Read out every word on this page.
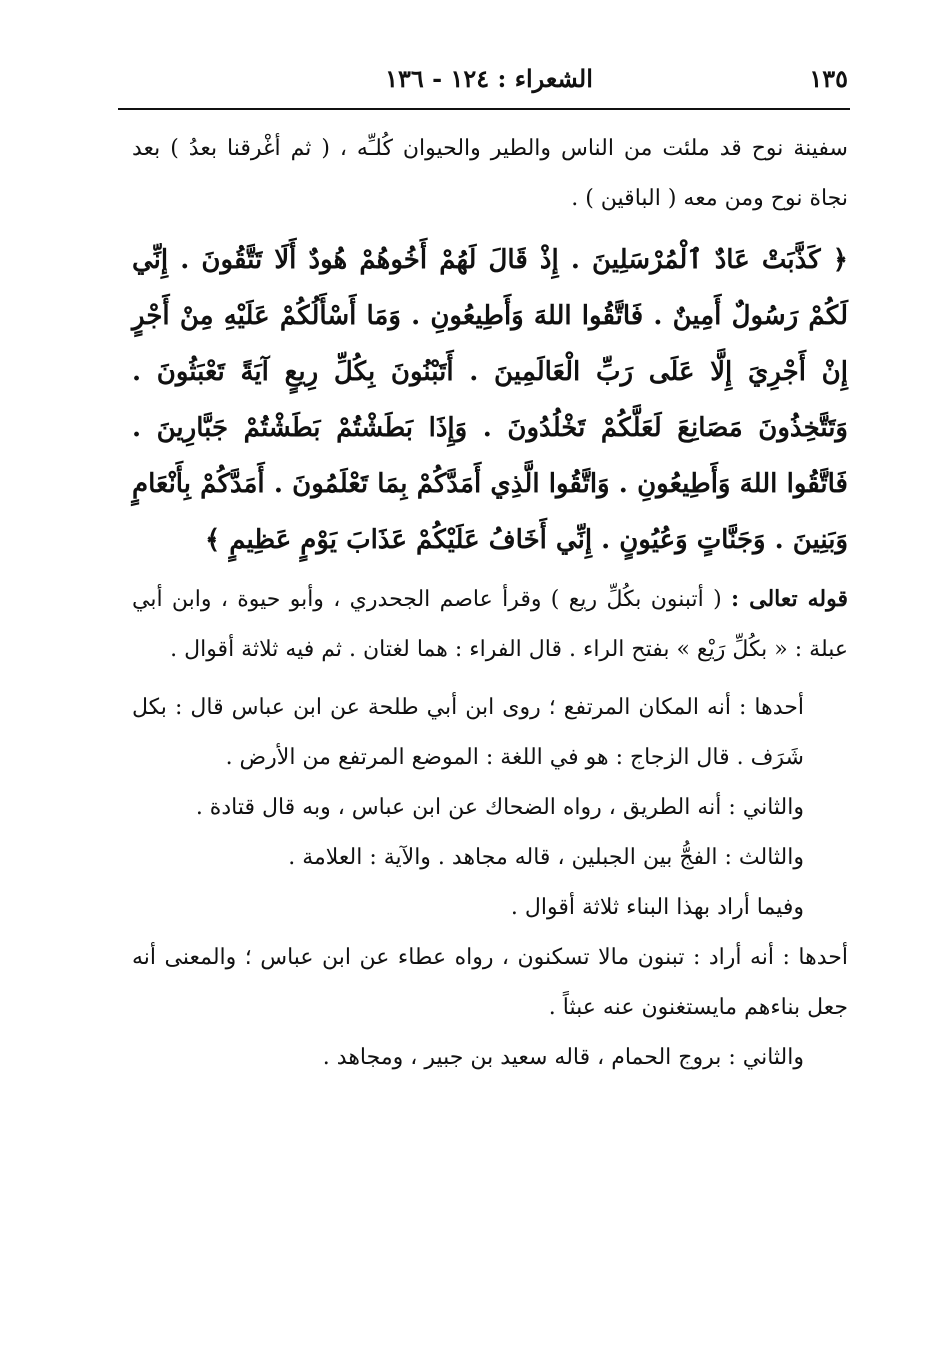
١٣٥
الشعراء : ١٢٤ - ١٣٦

سفينة نوح قد ملئت من الناس والطير والحيوان كُلـِّه ، ( ثم أغْرقنا بعدُ ) بعد نجاة نوح ومن معه ( الباقين ) .

﴿ كَذَّبَتْ عَادٌ ٱلْمُرْسَلِينَ . إِذْ قَالَ لَهُمْ أَخُوهُمْ هُودٌ أَلَا تَتَّقُونَ . إِنِّي لَكُمْ رَسُولٌ أَمِينٌ . فَاتَّقُوا اللهَ وَأَطِيعُونِ . وَمَا أَسْأَلُكُمْ عَلَيْهِ مِنْ أَجْرٍ إِنْ أَجْرِيَ إِلَّا عَلَى رَبِّ الْعَالَمِينَ . أَتَبْنُونَ بِكُلِّ رِيعٍ آيَةً تَعْبَثُونَ . وَتَتَّخِذُونَ مَصَانِعَ لَعَلَّكُمْ تَخْلُدُونَ . وَإِذَا بَطَشْتُمْ بَطَشْتُمْ جَبَّارِينَ . فَاتَّقُوا اللهَ وَأَطِيعُونِ . وَاتَّقُوا الَّذِي أَمَدَّكُمْ بِمَا تَعْلَمُونَ . أَمَدَّكُمْ بِأَنْعَامٍ وَبَنِينَ . وَجَنَّاتٍ وَعُيُونٍ . إِنِّي أَخَافُ عَلَيْكُمْ عَذَابَ يَوْمٍ عَظِيمٍ ﴾

قوله تعالى : ( أتبنون بكُلِّ ريع ) وقرأ عاصم الجحدري ، وأبو حيوة ، وابن أبي عبلة : « بكُلِّ رَيْع » بفتح الراء . قال الفراء : هما لغتان . ثم فيه ثلاثة أقوال .

أحدها : أنه المكان المرتفع ؛ روى ابن أبي طلحة عن ابن عباس قال : بكل شَرَف . قال الزجاج : هو في اللغة : الموضع المرتفع من الأرض .

والثاني : أنه الطريق ، رواه الضحاك عن ابن عباس ، وبه قال قتادة .

والثالث : الفجُّ بين الجبلين ، قاله مجاهد . والآية : العلامة .

وفيما أراد بهذا البناء ثلاثة أقوال .

أحدها : أنه أراد : تبنون مالا تسكنون ، رواه عطاء عن ابن عباس ؛ والمعنى أنه جعل بناءهم مايستغنون عنه عبثاً .

والثاني : بروج الحمام ، قاله سعيد بن جبير ، ومجاهد .
